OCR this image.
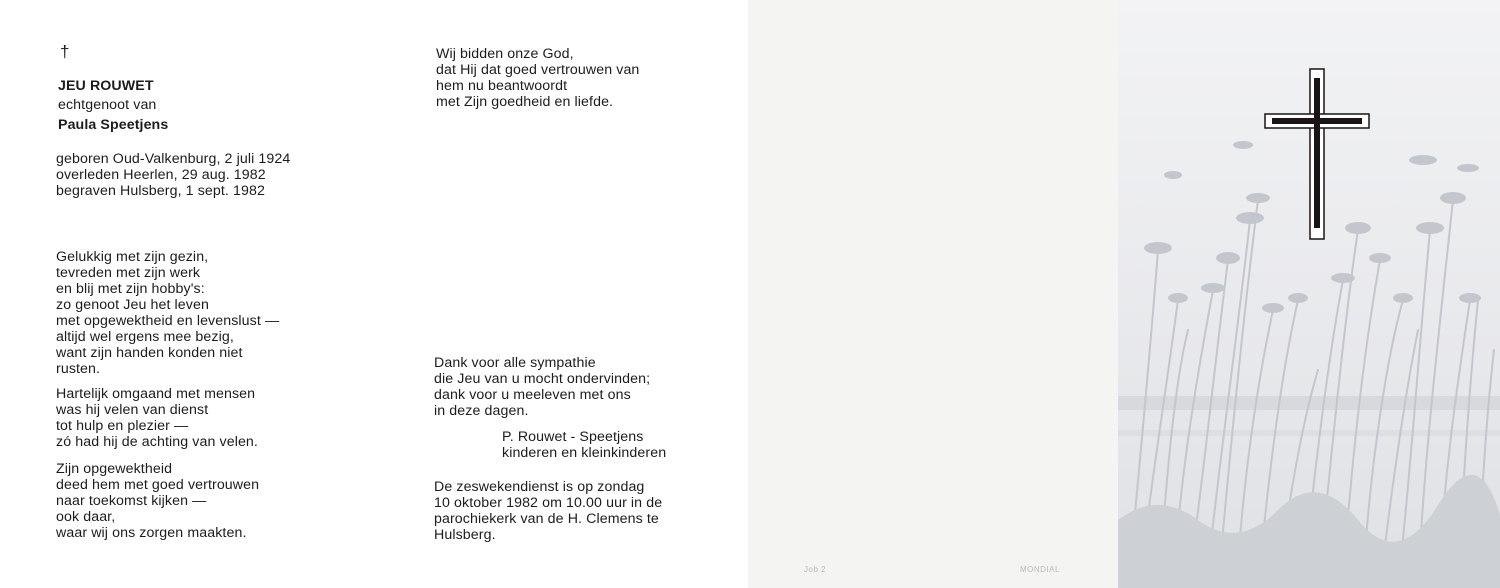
†
JEU ROUWET
echtgenoot van
Paula Speetjens
geboren Oud-Valkenburg, 2 juli 1924
overleden Heerlen, 29 aug. 1982
begraven Hulsberg, 1 sept. 1982
Gelukkig met zijn gezin,
tevreden met zijn werk
en blij met zijn hobby's:
zo genoot Jeu het leven
met opgewektheid en levenslust —
altijd wel ergens mee bezig,
want zijn handen konden niet
rusten.
Hartelijk omgaand met mensen
was hij velen van dienst
tot hulp en plezier —
zó had hij de achting van velen.
Zijn opgewektheid
deed hem met goed vertrouwen
naar toekomst kijken —
ook daar,
waar wij ons zorgen maakten.
Wij bidden onze God,
dat Hij dat goed vertrouwen van
hem nu beantwoordt
met Zijn goedheid en liefde.
Dank voor alle sympathie
die Jeu van u mocht ondervinden;
dank voor u meeleven met ons
in deze dagen.
P. Rouwet - Speetjens
kinderen en kleinkinderen
De zeswekendienst is op zondag
10 oktober 1982 om 10.00 uur in de
parochiekerk van de H. Clemens te
Hulsberg.
Job 2	MONDIAL
